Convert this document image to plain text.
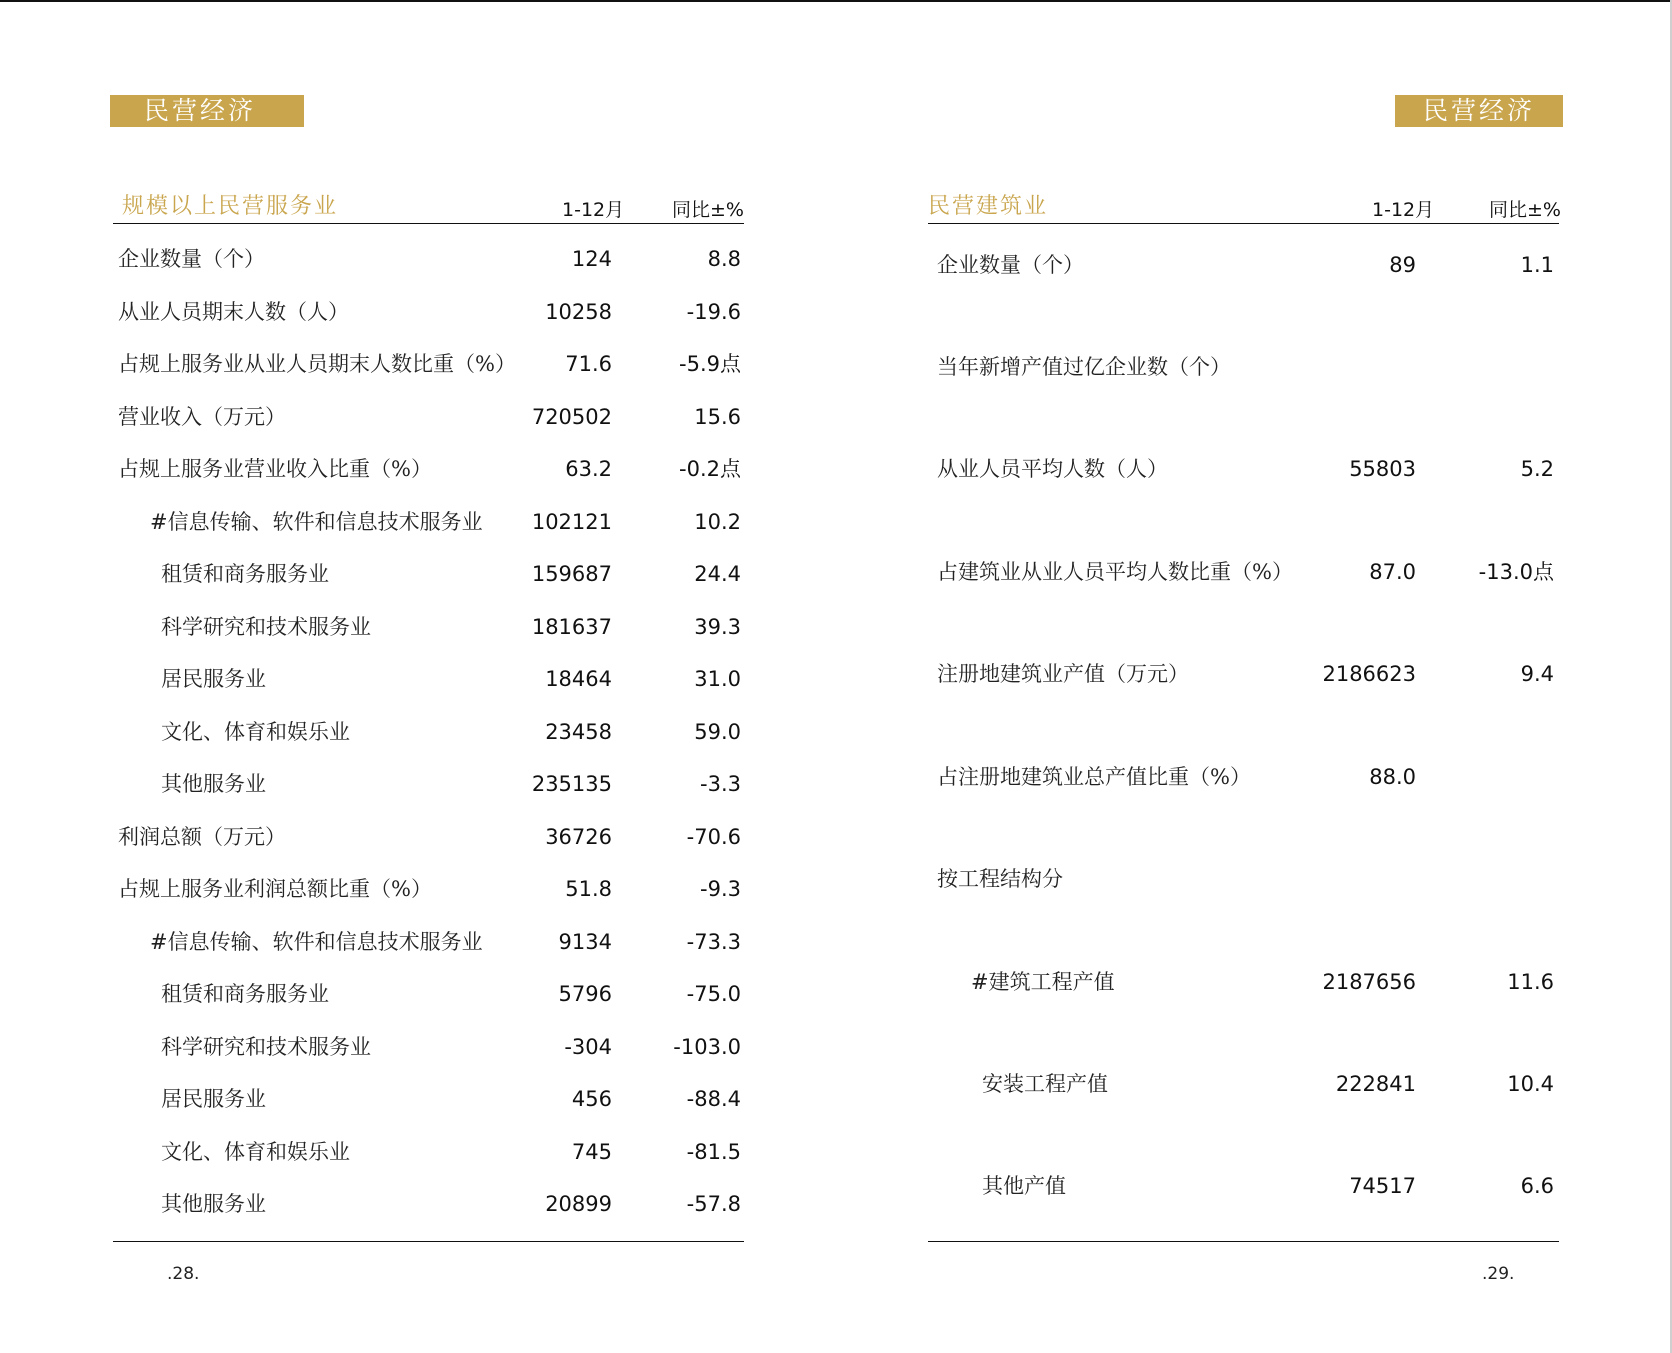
民营经济
规模以上民营服务业	1-12月	同比±%
企业数量（个）	124	8.8
从业人员期末人数（人）	10258	-19.6
占规上服务业从业人员期末人数比重（%） 71.6	-5.9点
营业收入（万元）	720502	15.6
占规上服务业营业收入比重（%）	63.2	-0.2点
#信息传输、软件和信息技术服务业 102121	10.2
租赁和商务服务业	159687	24.4
科学研究和技术服务业	181637	39.3
居民服务业	18464	31.0
文化、体育和娱乐业	23458	59.0
其他服务业	235135	-3.3
利润总额（万元）	36726	-70.6
占规上服务业利润总额比重（%）	51.8	-9.3
#信息传输、软件和信息技术服务业	9134	-73.3
租赁和商务服务业	5796	-75.0
科学研究和技术服务业	-304	-103.0
居民服务业	456	-88.4
文化、体育和娱乐业	745	-81.5
其他服务业	20899	-57.8
.28.
民营经济
民营建筑业	1-12月	同比±%
企业数量（个）	89	1.1
当年新增产值过亿企业数（个）
从业人员平均人数（人）	55803	5.2
占建筑业从业人员平均人数比重（%）	87.0	-13.0点
注册地建筑业产值（万元）	2186623	9.4
占注册地建筑业总产值比重（%）	88.0
按工程结构分
#建筑工程产值	2187656	11.6
安装工程产值	222841	10.4
其他产值	74517	6.6
.29.
